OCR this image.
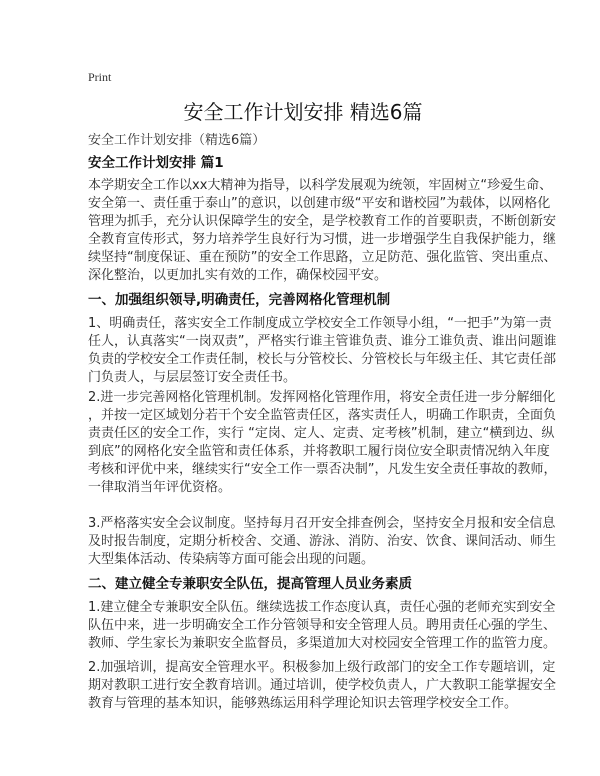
Print
安全工作计划安排 精选6篇
安全工作计划安排（精选6篇）
安全工作计划安排 篇1
本学期安全工作以xx大精神为指导，以科学发展观为统领，牢固树立“珍爱生命、
安全第一、责任重于泰山”的意识，以创建市级“平安和谐校园”为载体，以网格化
管理为抓手，充分认识保障学生的安全，是学校教育工作的首要职责，不断创新安
全教育宣传形式，努力培养学生良好行为习惯，进一步增强学生自我保护能力，继
续坚持“制度保证、重在预防”的安全工作思路，立足防范、强化监管、突出重点、
深化整治，以更加扎实有效的工作，确保校园平安。
一、加强组织领导,明确责任，完善网格化管理机制
1、明确责任，落实安全工作制度成立学校安全工作领导小组，“一把手”为第一责
任人，认真落实“一岗双责”，严格实行谁主管谁负责、谁分工谁负责、谁出问题谁
负责的学校安全工作责任制，校长与分管校长、分管校长与年级主任、其它责任部
门负责人，与层层签订安全责任书。
2.进一步完善网格化管理机制。发挥网格化管理作用，将安全责任进一步分解细化
，并按一定区域划分若干个安全监管责任区，落实责任人，明确工作职责，全面负
责责任区的安全工作，实行 “定岗、定人、定责、定考核”机制，建立“横到边、纵
到底”的网格化安全监管和责任体系，并将教职工履行岗位安全职责情况纳入年度
考核和评优中来，继续实行“安全工作一票否决制”，凡发生安全责任事故的教师，
一律取消当年评优资格。
3.严格落实安全会议制度。坚持每月召开安全排查例会，坚持安全月报和安全信息
及时报告制度，定期分析校舍、交通、游泳、消防、治安、饮食、课间活动、师生
大型集体活动、传染病等方面可能会出现的问题。
二、建立健全专兼职安全队伍，提高管理人员业务素质
1.建立健全专兼职安全队伍。继续选拔工作态度认真，责任心强的老师充实到安全
队伍中来，进一步明确安全工作分管领导和安全管理人员。聘用责任心强的学生、
教师、学生家长为兼职安全监督员，多渠道加大对校园安全管理工作的监管力度。
2.加强培训，提高安全管理水平。积极参加上级行政部门的安全工作专题培训，定
期对教职工进行安全教育培训。通过培训，使学校负责人，广大教职工能掌握安全
教育与管理的基本知识，能够熟练运用科学理论知识去管理学校安全工作。
